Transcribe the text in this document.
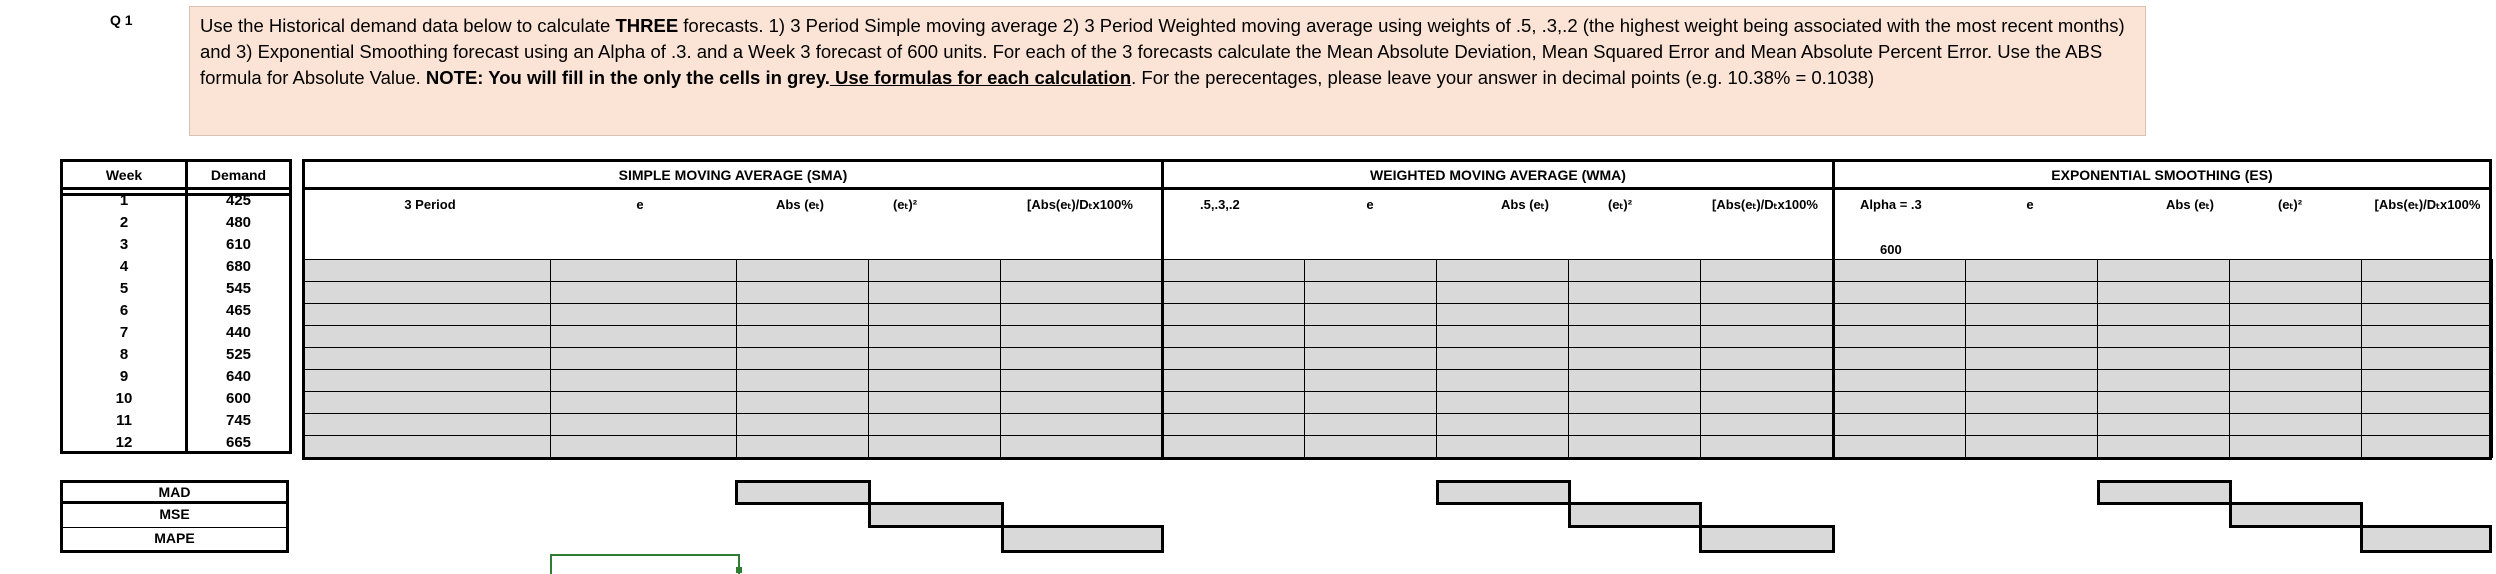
Q 1	Use the Historical demand data below to calculate THREE forecasts. 1) 3 Period Simple moving average 2) 3 Period Weighted moving average using weights of .5, .3,.2 (the highest weight being associated with the most recent months) and 3) Exponential Smoothing forecast using an Alpha of .3. and a Week 3 forecast of 600 units. For each of the 3 forecasts calculate the Mean Absolute Deviation, Mean Squared Error and Mean Absolute Percent Error. Use the ABS formula for Absolute Value. NOTE: You will fill in the only the cells in grey. Use formulas for each calculation. For the perecentages, please leave your answer in decimal points (e.g. 10.38% = 0.1038)
Week	Demand
1	425
2	480
3	610
4	680
5	545
6	465
7	440
8	525
9	640
10	600
11	745
12	665
SIMPLE MOVING AVERAGE (SMA)	WEIGHTED MOVING AVERAGE (WMA)	EXPONENTIAL SMOOTHING (ES)
3 Period	e	Abs (eₜ)	(eₜ)²	[Abs(eₜ)/Dₜx100%	.5,.3,.2	e	Abs (eₜ)	(eₜ)²	[Abs(eₜ)/Dₜx100%	Alpha = .3	e	Abs (eₜ)	(eₜ)²	[Abs(eₜ)/Dₜx100%
600
MAD
MSE
MAPE
